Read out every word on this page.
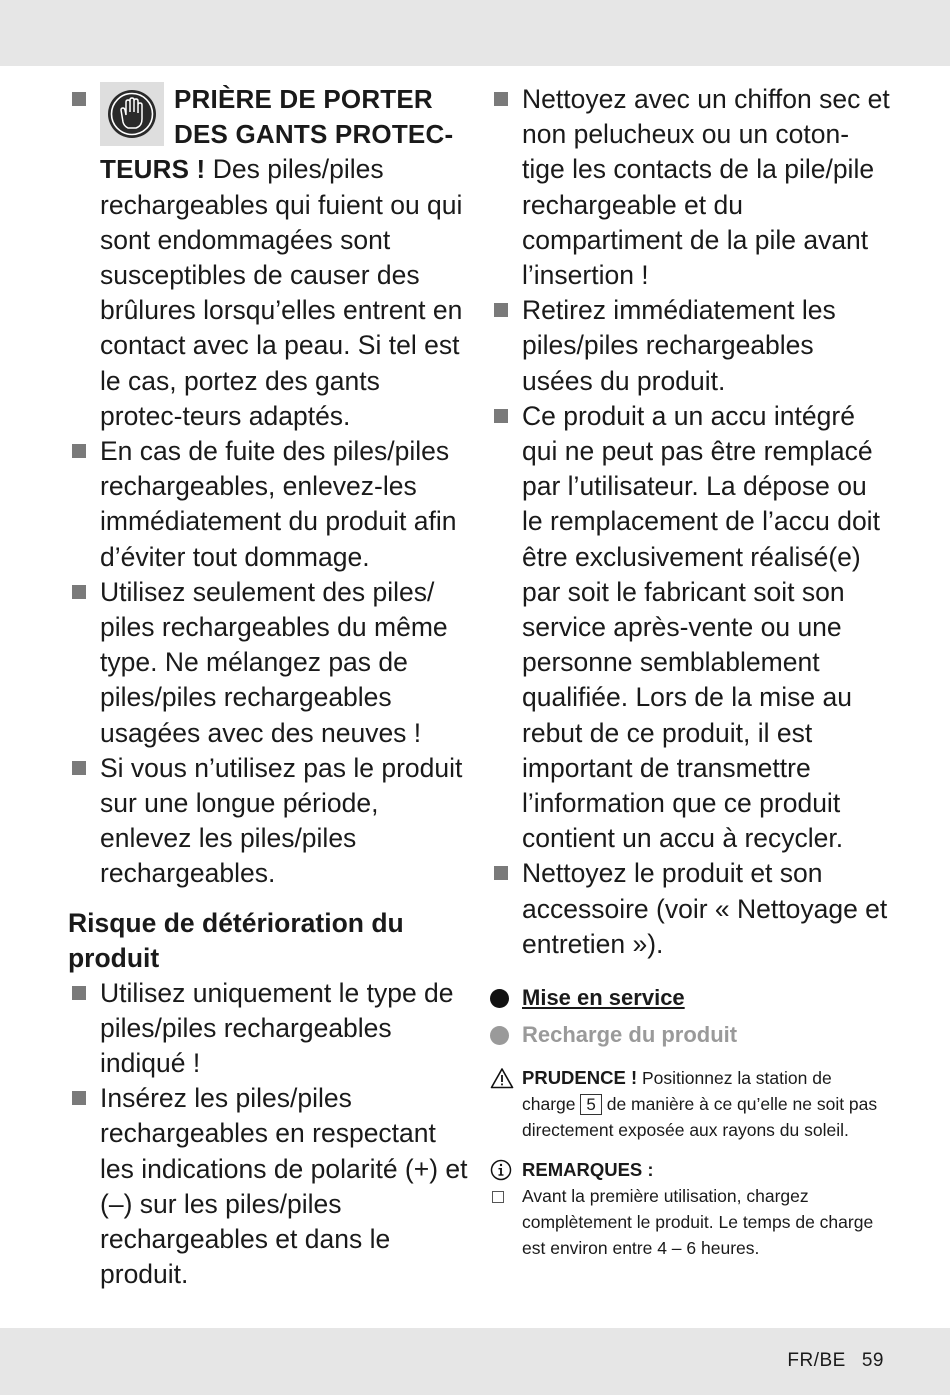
PRIÈRE DE PORTER DES GANTS PROTEC-TEURS ! Des piles/piles rechargeables qui fuient ou qui sont endommagées sont susceptibles de causer des brûlures lorsqu’elles entrent en contact avec la peau. Si tel est le cas, portez des gants protec-teurs adaptés.
En cas de fuite des piles/piles rechargeables, enlevez-les immédiatement du produit afin d’éviter tout dommage.
Utilisez seulement des piles/ piles rechargeables du même type. Ne mélangez pas de piles/piles rechargeables usagées avec des neuves !
Si vous n’utilisez pas le produit sur une longue période, enlevez les piles/piles rechargeables.
Risque de détérioration du produit
Utilisez uniquement le type de piles/piles rechargeables indiqué !
Insérez les piles/piles rechargeables en respectant les indications de polarité (+) et (–) sur les piles/piles rechargeables et dans le produit.
Nettoyez avec un chiffon sec et non pelucheux ou un coton-tige les contacts de la pile/pile rechargeable et du compartiment de la pile avant l’insertion !
Retirez immédiatement les piles/piles rechargeables usées du produit.
Ce produit a un accu intégré qui ne peut pas être remplacé par l’utilisateur. La dépose ou le remplacement de l’accu doit être exclusivement réalisé(e) par soit le fabricant soit son service après-vente ou une personne semblablement qualifiée. Lors de la mise au rebut de ce produit, il est important de transmettre l’information que ce produit contient un accu à recycler.
Nettoyez le produit et son accessoire (voir « Nettoyage et entretien »).
Mise en service
Recharge du produit
PRUDENCE ! Positionnez la station de charge 5 de manière à ce qu’elle ne soit pas directement exposée aux rayons du soleil.
REMARQUES :
Avant la première utilisation, chargez complètement le produit. Le temps de charge est environ entre 4 – 6 heures.
FR/BE 59
